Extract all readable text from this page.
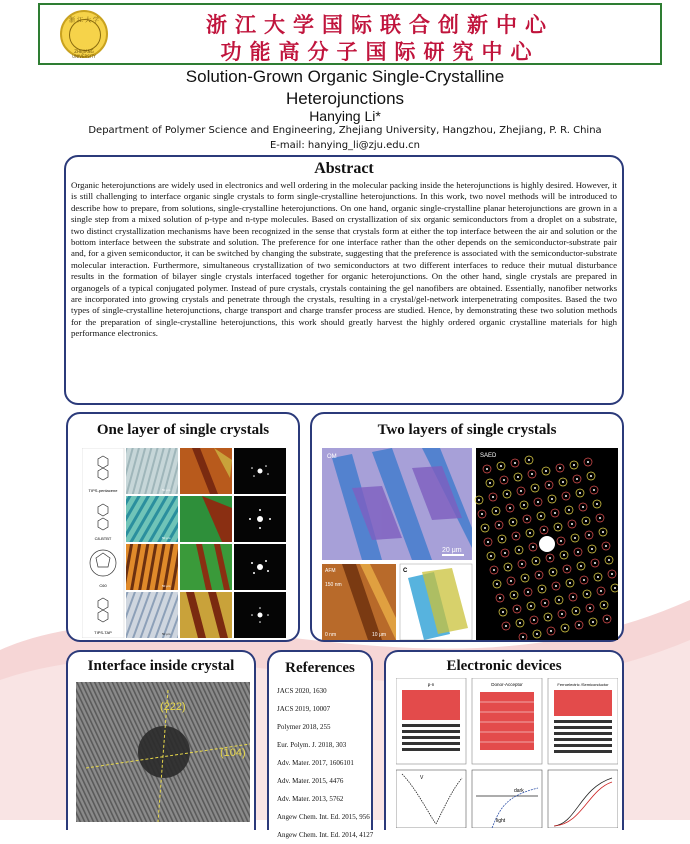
浙 江 大 学
ZHEJIANG UNIVERSITY
浙江大学国际联合创新中心
功能高分子国际研究中心
Solution-Grown Organic Single-Crystalline
Heterojunctions
Hanying Li*
Department of Polymer Science and Engineering, Zhejiang University, Hangzhou, Zhejiang, P. R. China
E-mail: hanying_li@zju.edu.cn
Abstract

Organic heterojunctions are widely used in electronics and well ordering in the molecular packing inside the heterojunctions is highly desired. However, it is still challenging to interface organic single crystals to form single-crystalline heterojunctions. In this work, two novel methods will be introduced to describe how to prepare, from solutions, single-crystalline heterojunctions. On one hand, organic single-crystalline planar heterojunctions are grown in a single step from a mixed solution of p-type and n-type molecules. Based on crystallization of six organic semiconductors from a droplet on a substrate, two distinct crystallization mechanisms have been recognized in the sense that crystals form at either the top interface between the air and solution or the bottom interface between the substrate and solution. The preference for one interface rather than the other depends on the semiconductor-substrate pair and, for a given semiconductor, it can be switched by changing the substrate, suggesting that the preference is associated with the semiconductor-substrate molecular interaction. Furthermore, simultaneous crystallization of two semiconductors at two different interfaces to reduce their mutual disturbance results in the formation of bilayer single crystals interfaced together for organic heterojunctions. On the other hand, single crystals are prepared in organogels of a typical conjugated polymer. Instead of pure crystals, crystals containing the gel nanofibers are obtained. Essentially, nanofiber networks are incorporated into growing crystals and penetrate through the crystals, resulting in a crystal/gel-network interpenetrating composites. Based the two types of single-crystalline heterojunctions, charge transport and charge transfer process are studied. Hence, by demonstrating these two solution methods for the preparation of single-crystalline heterojunctions, this work should greatly harvest the highly ordered organic crystalline materials for high performance electronics.

One layer of single crystals
TIPS-pentacene
C8-BTBT
C60
TIPS-TAP
50 μm
50 μm
50 μm
50 μm
Two layers of single crystals
OM
20 μm
SAED
AFM
150 nm
0 nm	10 μm
C
Interface inside crystal
(222)
(104)
References
JACS 2020, 1630
JACS 2019, 10007
Polymer 2018, 255
Eur. Polym. J. 2018, 303
Adv. Mater. 2017, 1606101
Adv. Mater. 2015, 4476
Adv. Mater. 2013, 5762
Angew Chem. Int. Ed. 2015, 956
Angew Chem. Int. Ed. 2014, 4127
Electronic devices
p-n	Donor-Acceptor	Ferroelectric /Semiconductor
V
dark
light
